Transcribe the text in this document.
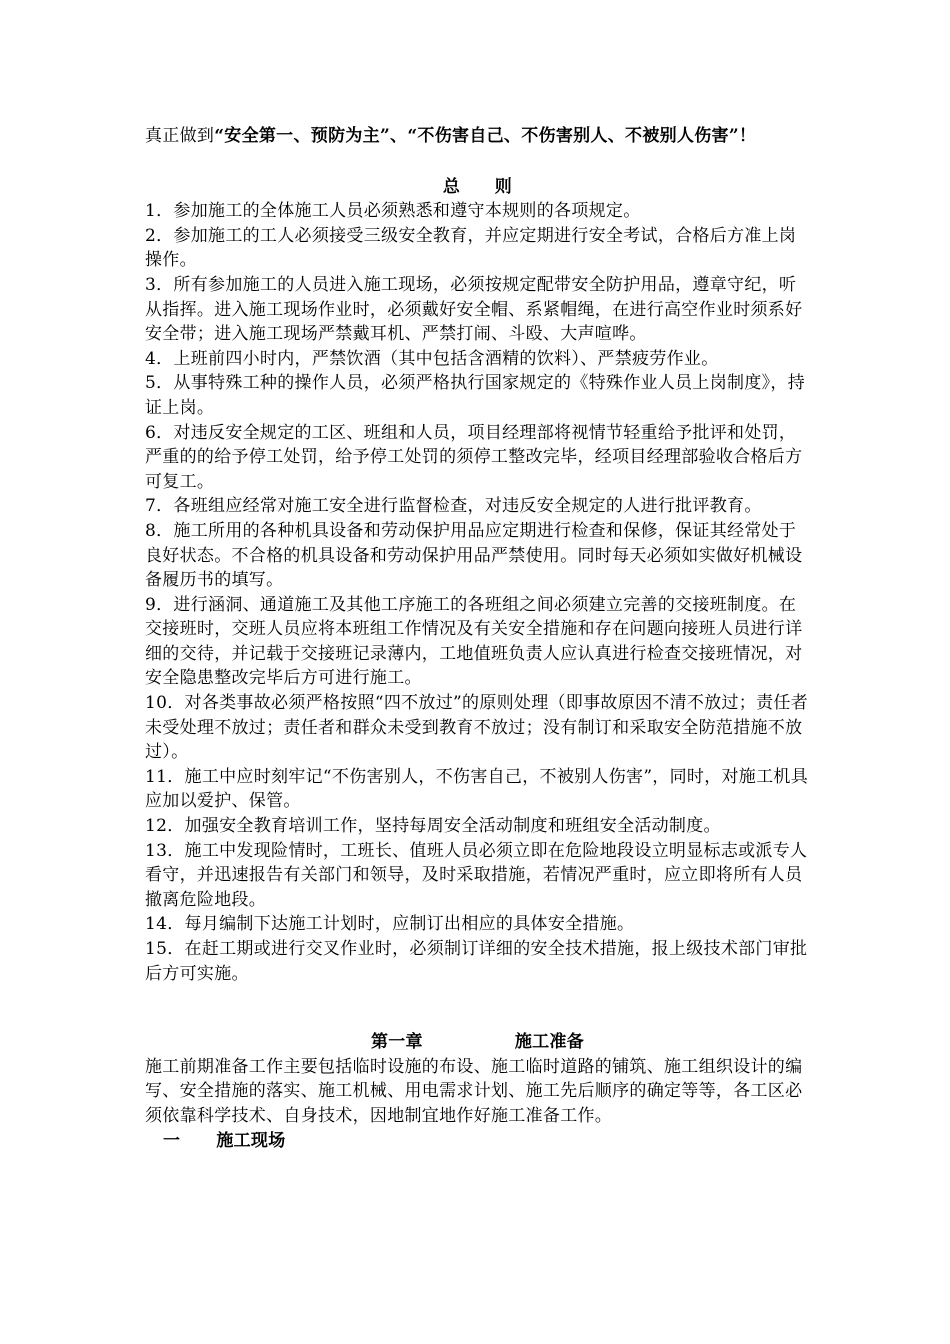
真正做到“安全第一、预防为主”、“不伤害自己、不伤害别人、不被别人伤害”！

总　　则

1．参加施工的全体施工人员必须熟悉和遵守本规则的各项规定。

2．参加施工的工人必须接受三级安全教育，并应定期进行安全考试，合格后方准上岗操作。

3．所有参加施工的人员进入施工现场，必须按规定配带安全防护用品，遵章守纪，听从指挥。进入施工现场作业时，必须戴好安全帽、系紧帽绳，在进行高空作业时须系好安全带；进入施工现场严禁戴耳机、严禁打闹、斗殴、大声喧哗。

4．上班前四小时内，严禁饮酒（其中包括含酒精的饮料）、严禁疲劳作业。

5．从事特殊工种的操作人员，必须严格执行国家规定的《特殊作业人员上岗制度》，持证上岗。

6．对违反安全规定的工区、班组和人员，项目经理部将视情节轻重给予批评和处罚，严重的的给予停工处罚，给予停工处罚的须停工整改完毕，经项目经理部验收合格后方可复工。

7．各班组应经常对施工安全进行监督检查，对违反安全规定的人进行批评教育。

8．施工所用的各种机具设备和劳动保护用品应定期进行检查和保修，保证其经常处于良好状态。不合格的机具设备和劳动保护用品严禁使用。同时每天必须如实做好机械设备履历书的填写。

9．进行涵洞、通道施工及其他工序施工的各班组之间必须建立完善的交接班制度。在交接班时，交班人员应将本班组工作情况及有关安全措施和存在问题向接班人员进行详细的交待，并记载于交接班记录薄内，工地值班负责人应认真进行检查交接班情况，对安全隐患整改完毕后方可进行施工。

10．对各类事故必须严格按照“四不放过”的原则处理（即事故原因不清不放过；责任者未受处理不放过；责任者和群众未受到教育不放过；没有制订和采取安全防范措施不放过）。

11．施工中应时刻牢记“不伤害别人，不伤害自己，不被别人伤害”，同时，对施工机具应加以爱护、保管。

12．加强安全教育培训工作，坚持每周安全活动制度和班组安全活动制度。

13．施工中发现险情时，工班长、值班人员必须立即在危险地段设立明显标志或派专人看守，并迅速报告有关部门和领导，及时采取措施，若情况严重时，应立即将所有人员撤离危险地段。

14．每月编制下达施工计划时，应制订出相应的具体安全措施。

15．在赶工期或进行交叉作业时，必须制订详细的安全技术措施，报上级技术部门审批后方可实施。

第一章	施工准备

施工前期准备工作主要包括临时设施的布设、施工临时道路的铺筑、施工组织设计的编写、安全措施的落实、施工机械、用电需求计划、施工先后顺序的确定等等，各工区必须依靠科学技术、自身技术，因地制宜地作好施工准备工作。

一 施工现场
